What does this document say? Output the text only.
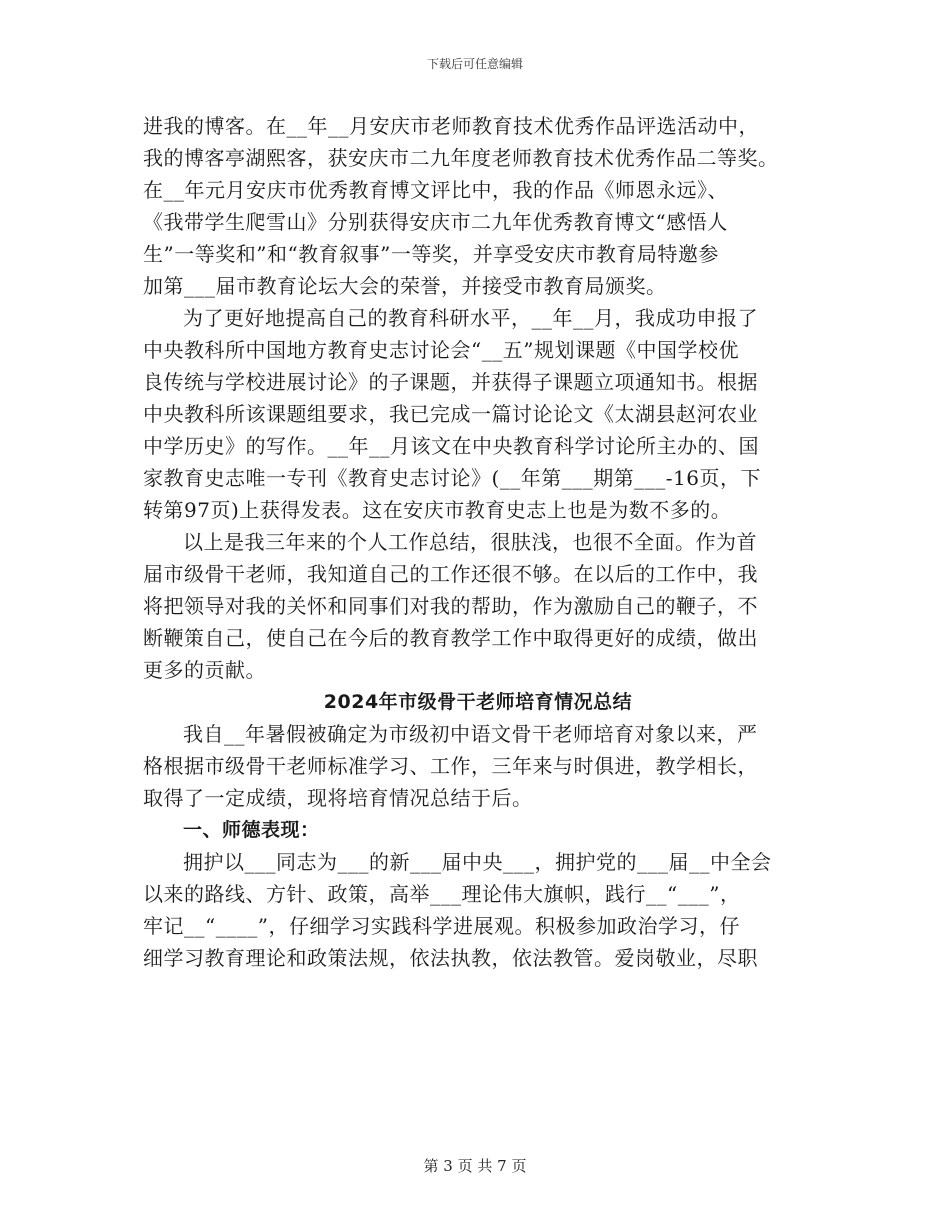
下载后可任意编辑

进我的博客。在__年__月安庆市老师教育技术优秀作品评选活动中，

我的博客亭湖熙客，获安庆市二九年度老师教育技术优秀作品二等奖。

在__年元月安庆市优秀教育博文评比中，我的作品《师恩永远》、

《我带学生爬雪山》分别获得安庆市二九年优秀教育博文“感悟人

生”一等奖和”和“教育叙事”一等奖，并享受安庆市教育局特邀参

加第___届市教育论坛大会的荣誉，并接受市教育局颁奖。

为了更好地提高自己的教育科研水平，__年__月，我成功申报了

中央教科所中国地方教育史志讨论会“__五”规划课题《中国学校优

良传统与学校进展讨论》的子课题，并获得子课题立项通知书。根据

中央教科所该课题组要求，我已完成一篇讨论论文《太湖县赵河农业

中学历史》的写作。__年__月该文在中央教育科学讨论所主办的、国

家教育史志唯一专刊《教育史志讨论》(__年第___期第___-16页，下

转第97页)上获得发表。这在安庆市教育史志上也是为数不多的。

以上是我三年来的个人工作总结，很肤浅，也很不全面。作为首

届市级骨干老师，我知道自己的工作还很不够。在以后的工作中，我

将把领导对我的关怀和同事们对我的帮助，作为激励自己的鞭子，不

断鞭策自己，使自己在今后的教育教学工作中取得更好的成绩，做出

更多的贡献。

2024年市级骨干老师培育情况总结

我自__年暑假被确定为市级初中语文骨干老师培育对象以来，严

格根据市级骨干老师标准学习、工作，三年来与时俱进，教学相长，

取得了一定成绩，现将培育情况总结于后。

一、师德表现：

拥护以___同志为___的新___届中央___，拥护党的___届__中全会

以来的路线、方针、政策，高举___理论伟大旗帜，践行__“___”，

牢记__“____”，仔细学习实践科学进展观。积极参加政治学习，仔

细学习教育理论和政策法规，依法执教，依法教管。爱岗敬业，尽职

第 3 页 共 7 页
